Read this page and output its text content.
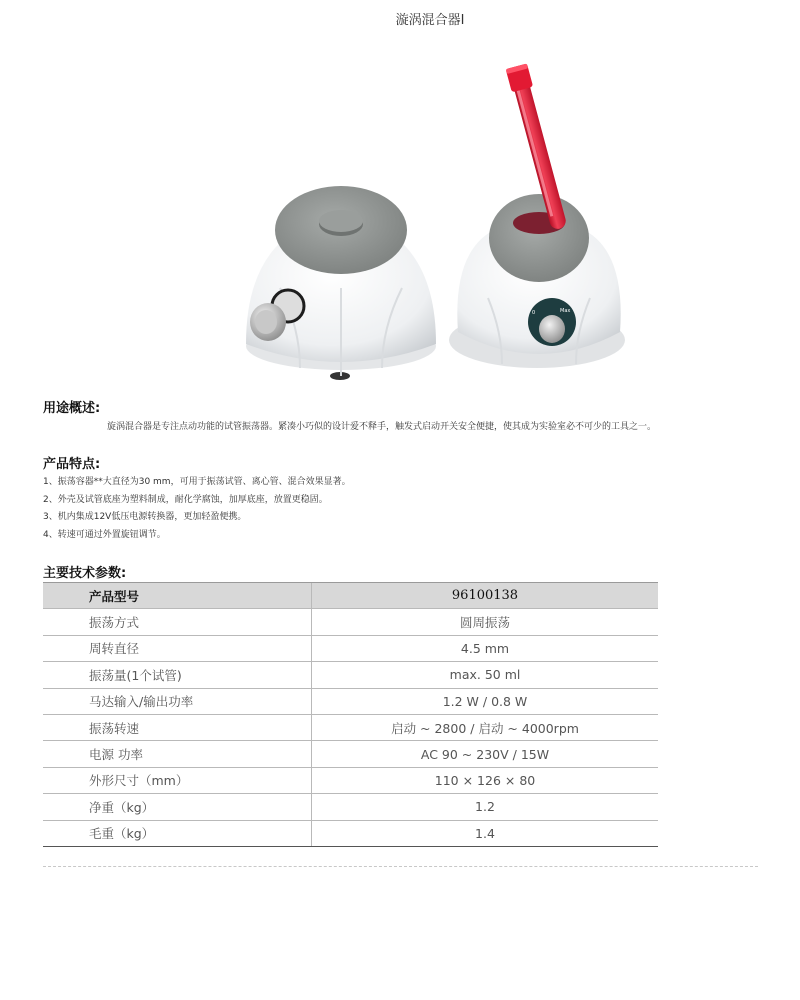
漩涡混合器I
0	Max
用途概述:
旋涡混合器是专注点动功能的试管振荡器。紧凑小巧似的设计爱不释手，触发式启动开关安全便捷，使其成为实验室必不可少的工具之一。
产品特点:
1、振荡容器**大直径为30 mm，可用于振荡试管、离心管、混合效果显著。
2、外壳及试管底座为塑料制成，耐化学腐蚀，加厚底座，放置更稳固。
3、机内集成12V低压电源转换器，更加轻盈便携。
4、转速可通过外置旋钮调节。
主要技术参数:
产品型号	96100138
振荡方式	圆周振荡
周转直径	4.5 mm
振荡量(1个试管)	max. 50 ml
马达输入/输出功率	1.2 W / 0.8 W
振荡转速	启动 ~ 2800 / 启动 ~ 4000rpm
电源 功率	AC 90 ~ 230V / 15W
外形尺寸（mm）	110 × 126 × 80
净重（kg）	1.2
毛重（kg）	1.4
